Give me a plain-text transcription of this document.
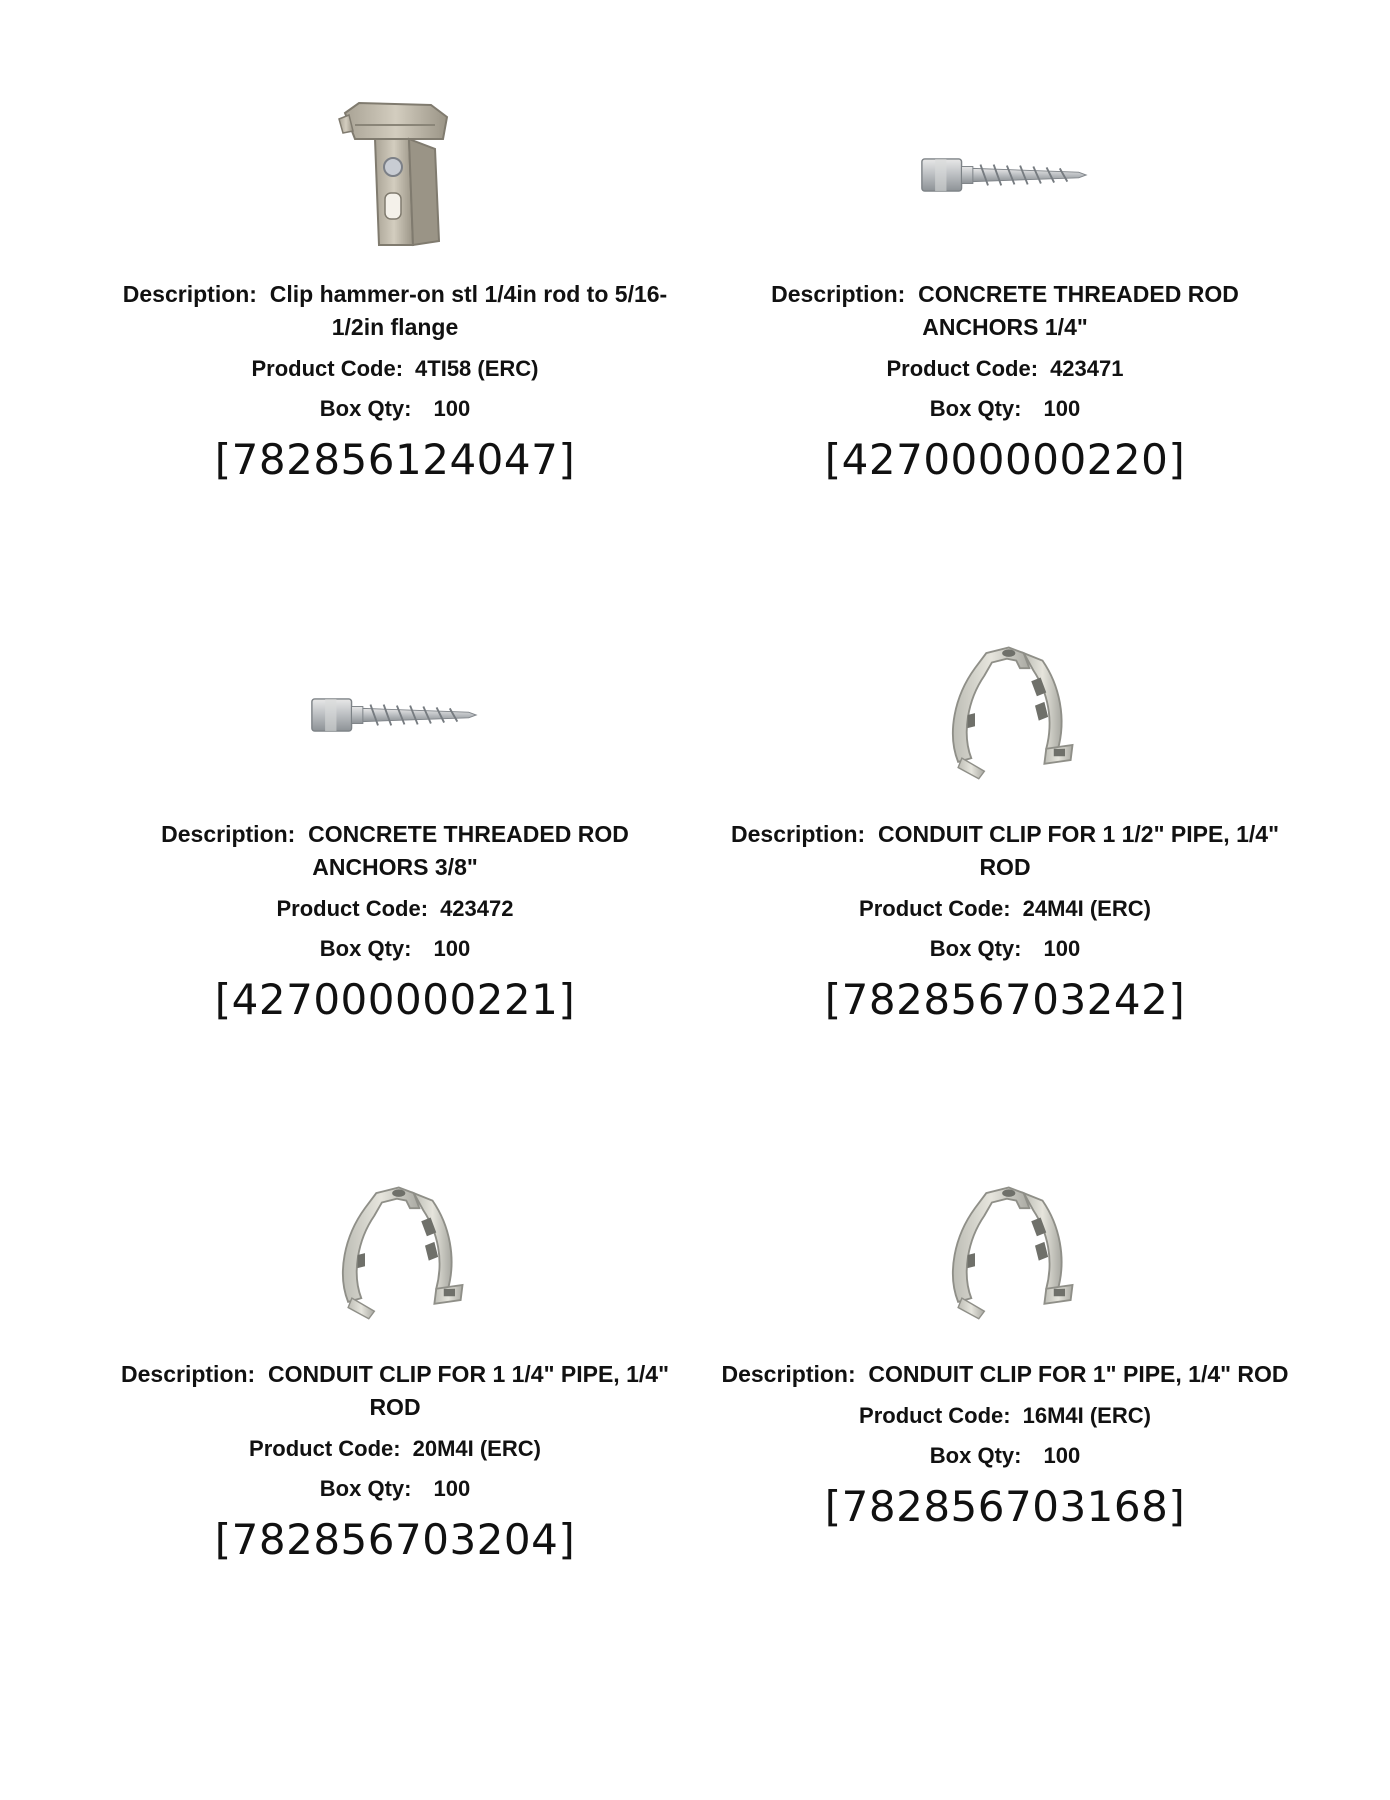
Description: Clip hammer-on stl 1/4in rod to 5/16-1/2in flange
Product Code: 4TI58 (ERC)
Box Qty: 100
[782856124047]
Description: CONCRETE THREADED ROD ANCHORS 1/4"
Product Code: 423471
Box Qty: 100
[427000000220]
Description: CONCRETE THREADED ROD ANCHORS 3/8"
Product Code: 423472
Box Qty: 100
[427000000221]
Description: CONDUIT CLIP FOR 1 1/2" PIPE, 1/4" ROD
Product Code: 24M4I (ERC)
Box Qty: 100
[782856703242]
Description: CONDUIT CLIP FOR 1 1/4" PIPE, 1/4" ROD
Product Code: 20M4I (ERC)
Box Qty: 100
[782856703204]
Description: CONDUIT CLIP FOR 1" PIPE, 1/4" ROD
Product Code: 16M4I (ERC)
Box Qty: 100
[782856703168]
